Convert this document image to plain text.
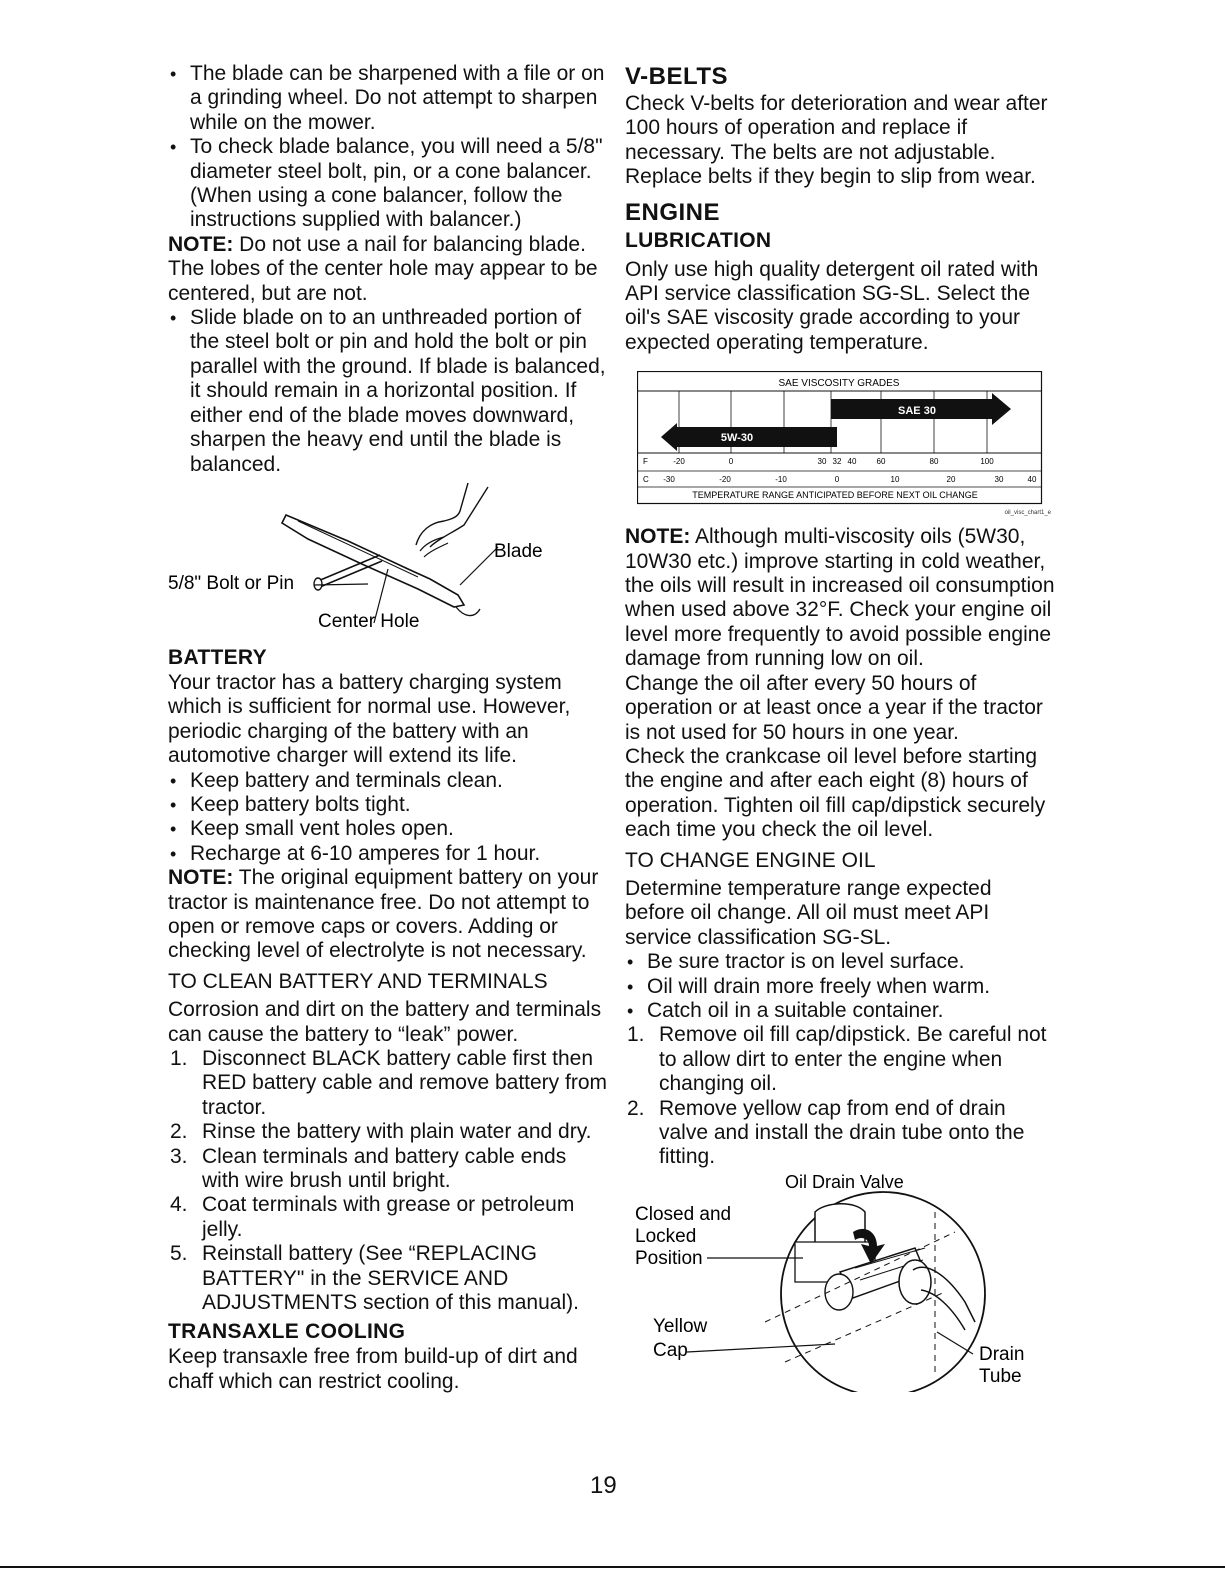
• The blade can be sharpened with a file or on a grinding wheel. Do not attempt to sharpen while on the mower.

• To check blade balance, you will need a 5/8" diameter steel bolt, pin, or a cone balancer. (When using a cone balancer, follow the instructions supplied with balancer.)

NOTE: Do not use a nail for balancing blade. The lobes of the center hole may appear to be centered, but are not.

• Slide blade on to an unthreaded portion of the steel bolt or pin and hold the bolt or pin parallel with the ground. If blade is balanced, it should remain in a horizontal position. If either end of the blade moves downward, sharpen the heavy end until the blade is balanced.

5/8" Bolt or Pin
Blade
Center Hole
BATTERY

Your tractor has a battery charging system which is sufficient for normal use. However, periodic charging of the battery with an automotive charger will extend its life.

• Keep battery and terminals clean.

• Keep battery bolts tight.

• Keep small vent holes open.

• Recharge at 6-10 amperes for 1 hour.

NOTE: The original equipment battery on your tractor is maintenance free. Do not attempt to open or remove caps or covers. Adding or checking level of electrolyte is not necessary.

TO CLEAN BATTERY AND TERMINALS

Corrosion and dirt on the battery and terminals can cause the battery to “leak” power.

1. Disconnect BLACK battery cable first then RED battery cable and remove battery from tractor.

2. Rinse the battery with plain water and dry.

3. Clean terminals and battery cable ends with wire brush until bright.

4. Coat terminals with grease or petroleum jelly.

5. Reinstall battery (See “REPLACING BATTERY" in the SERVICE AND ADJUSTMENTS section of this manual).

TRANSAXLE COOLING

Keep transaxle free from build-up of dirt and chaff which can restrict cooling.

V-BELTS

Check V-belts for deterioration and wear after 100 hours of operation and replace if necessary. The belts are not adjustable. Replace belts if they begin to slip from wear.

ENGINE
LUBRICATION

Only use high quality detergent oil rated with API service classification SG-SL. Select the oil's SAE viscosity grade according to your expected operating temperature.

SAE VISCOSITY GRADES
SAE 30
5W-30
F	-20	0	30 32 40	60	80	100
C -30	-20	-10	0	10	20	30	40
TEMPERATURE RANGE ANTICIPATED BEFORE NEXT OIL CHANGE
oil_visc_chart1_e

NOTE: Although multi-viscosity oils (5W30, 10W30 etc.) improve starting in cold weather, the oils will result in increased oil consumption when used above 32°F. Check your engine oil level more frequently to avoid possible engine damage from running low on oil.

Change the oil after every 50 hours of operation or at least once a year if the tractor is not used for 50 hours in one year.

Check the crankcase oil level before starting the engine and after each eight (8) hours of operation. Tighten oil fill cap/dipstick securely each time you check the oil level.

TO CHANGE ENGINE OIL

Determine temperature range expected before oil change. All oil must meet API service classification SG-SL.

• Be sure tractor is on level surface.

• Oil will drain more freely when warm.

• Catch oil in a suitable container.

1. Remove oil fill cap/dipstick. Be careful not to allow dirt to enter the engine when changing oil.

2. Remove yellow cap from end of drain valve and install the drain tube onto the fitting.

Oil Drain Valve
Closed and Locked Position
Yellow Cap	Drain Tube
19
